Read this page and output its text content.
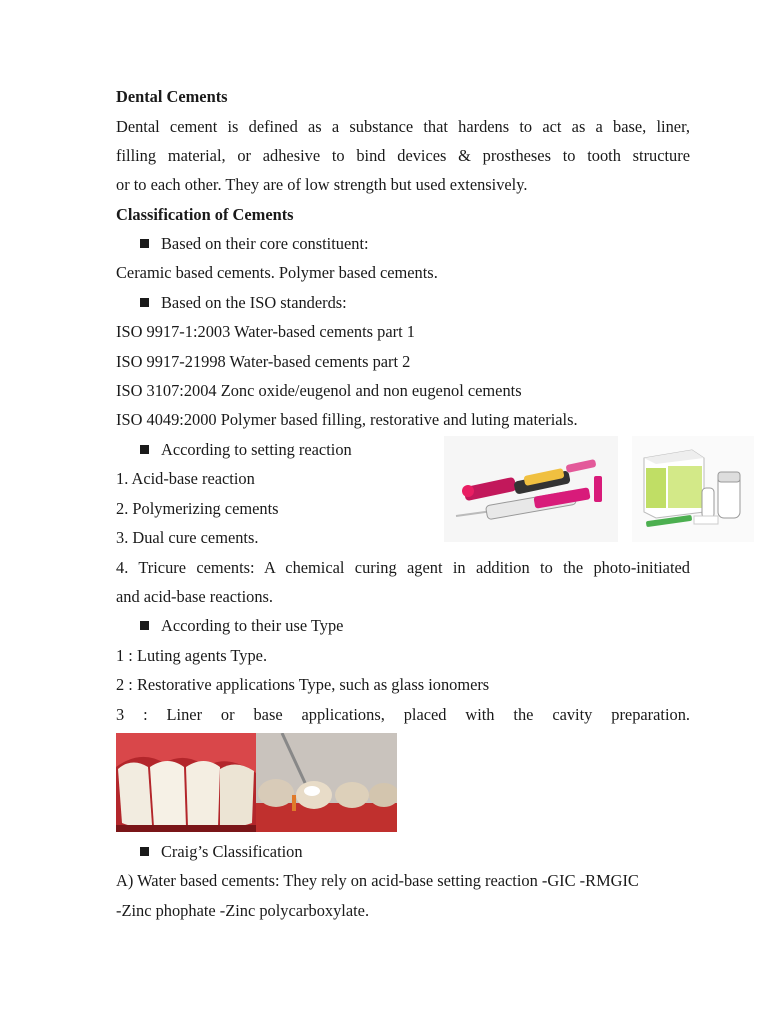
Dental Cements
Dental cement is defined as a substance that hardens to act as a base, liner,
filling material, or adhesive to bind devices & prostheses to tooth structure
or to each other. They are of low strength but used extensively.
Classification of Cements
Based on their core constituent:
Ceramic based cements. Polymer based cements.
Based on the ISO standerds:
ISO 9917-1:2003 Water-based cements part 1
ISO 9917-21998 Water-based cements part 2
ISO 3107:2004 Zonc oxide/eugenol and non eugenol cements
ISO 4049:2000 Polymer based filling, restorative and luting materials.
According to setting reaction
1. Acid-base reaction
2. Polymerizing cements
3. Dual cure cements.
4. Tricure cements: A chemical curing agent in addition to the photo-initiated
and acid-base reactions.
According to their use Type
1 : Luting agents Type.
2 : Restorative applications Type, such as glass ionomers
3 : Liner or base applications, placed with the cavity preparation.
Craig’s Classification
A) Water based cements: They rely on acid-base setting reaction -GIC -RMGIC
-Zinc phophate -Zinc polycarboxylate.
